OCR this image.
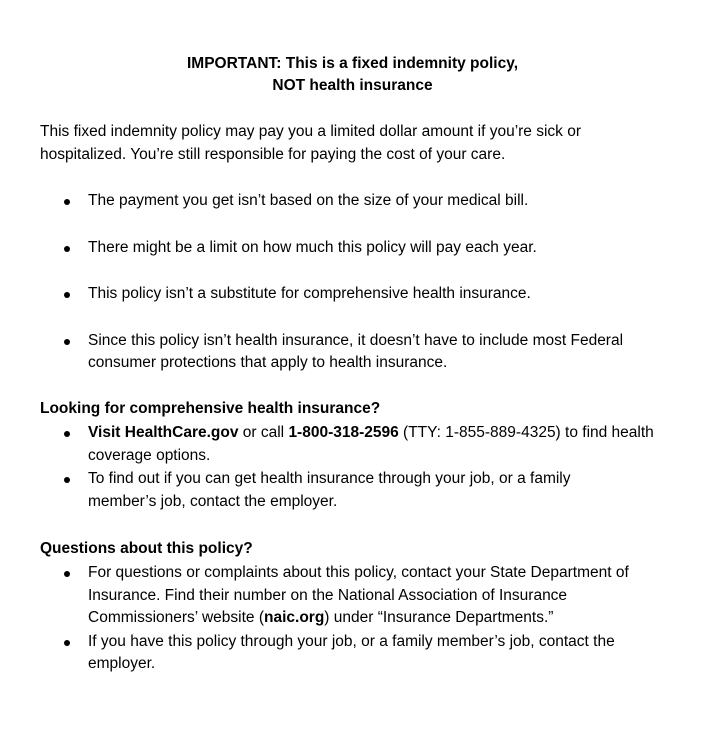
IMPORTANT: This is a fixed indemnity policy,
NOT health insurance
This fixed indemnity policy may pay you a limited dollar amount if you’re sick or hospitalized. You’re still responsible for paying the cost of your care.
The payment you get isn’t based on the size of your medical bill.
There might be a limit on how much this policy will pay each year.
This policy isn’t a substitute for comprehensive health insurance.
Since this policy isn’t health insurance, it doesn’t have to include most Federal consumer protections that apply to health insurance.
Looking for comprehensive health insurance?
Visit HealthCare.gov or call 1-800-318-2596 (TTY: 1-855-889-4325) to find health coverage options.
To find out if you can get health insurance through your job, or a family member’s job, contact the employer.
Questions about this policy?
For questions or complaints about this policy, contact your State Department of Insurance. Find their number on the National Association of Insurance Commissioners’ website (naic.org) under “Insurance Departments.”
If you have this policy through your job, or a family member’s job, contact the employer.
